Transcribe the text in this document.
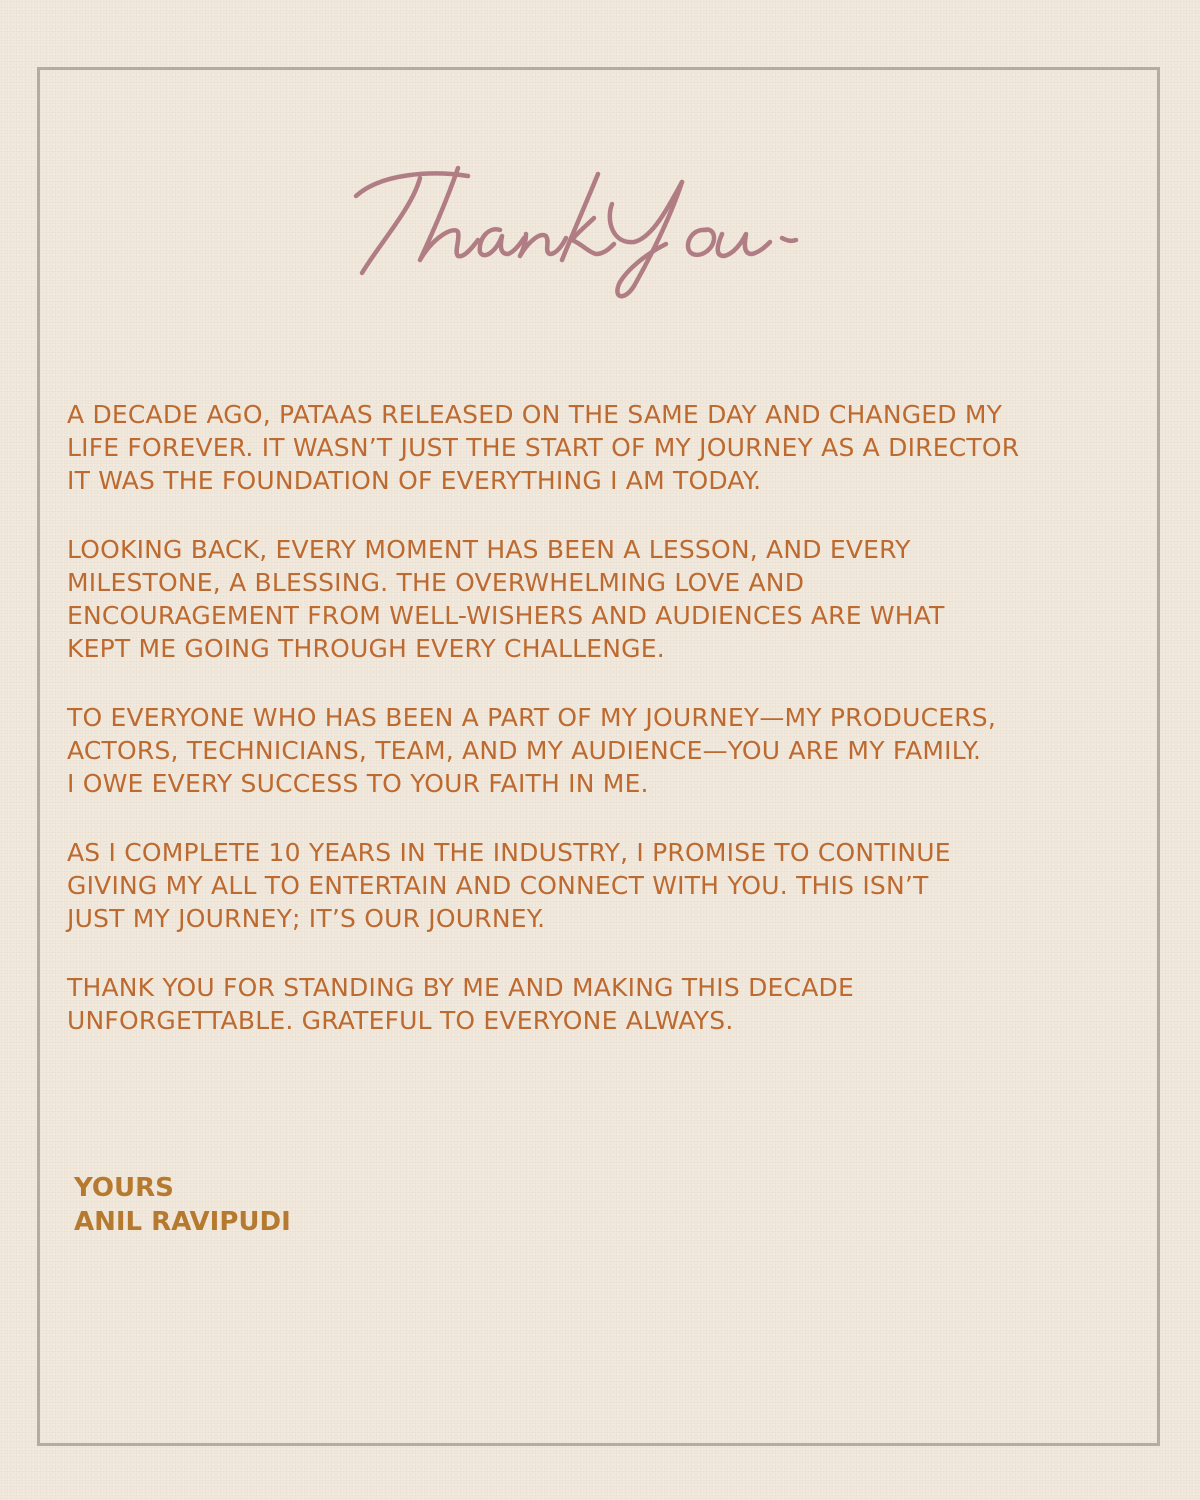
A DECADE AGO, PATAAS RELEASED ON THE SAME DAY AND CHANGED MY
LIFE FOREVER. IT WASN’T JUST THE START OF MY JOURNEY AS A DIRECTOR
IT WAS THE FOUNDATION OF EVERYTHING I AM TODAY.

LOOKING BACK, EVERY MOMENT HAS BEEN A LESSON, AND EVERY
MILESTONE, A BLESSING. THE OVERWHELMING LOVE AND
ENCOURAGEMENT FROM WELL-WISHERS AND AUDIENCES ARE WHAT
KEPT ME GOING THROUGH EVERY CHALLENGE.

TO EVERYONE WHO HAS BEEN A PART OF MY JOURNEY—MY PRODUCERS,
ACTORS, TECHNICIANS, TEAM, AND MY AUDIENCE—YOU ARE MY FAMILY.
I OWE EVERY SUCCESS TO YOUR FAITH IN ME.

AS I COMPLETE 10 YEARS IN THE INDUSTRY, I PROMISE TO CONTINUE
GIVING MY ALL TO ENTERTAIN AND CONNECT WITH YOU. THIS ISN’T
JUST MY JOURNEY; IT’S OUR JOURNEY.

THANK YOU FOR STANDING BY ME AND MAKING THIS DECADE
UNFORGETTABLE. GRATEFUL TO EVERYONE ALWAYS.

YOURS
ANIL RAVIPUDI
